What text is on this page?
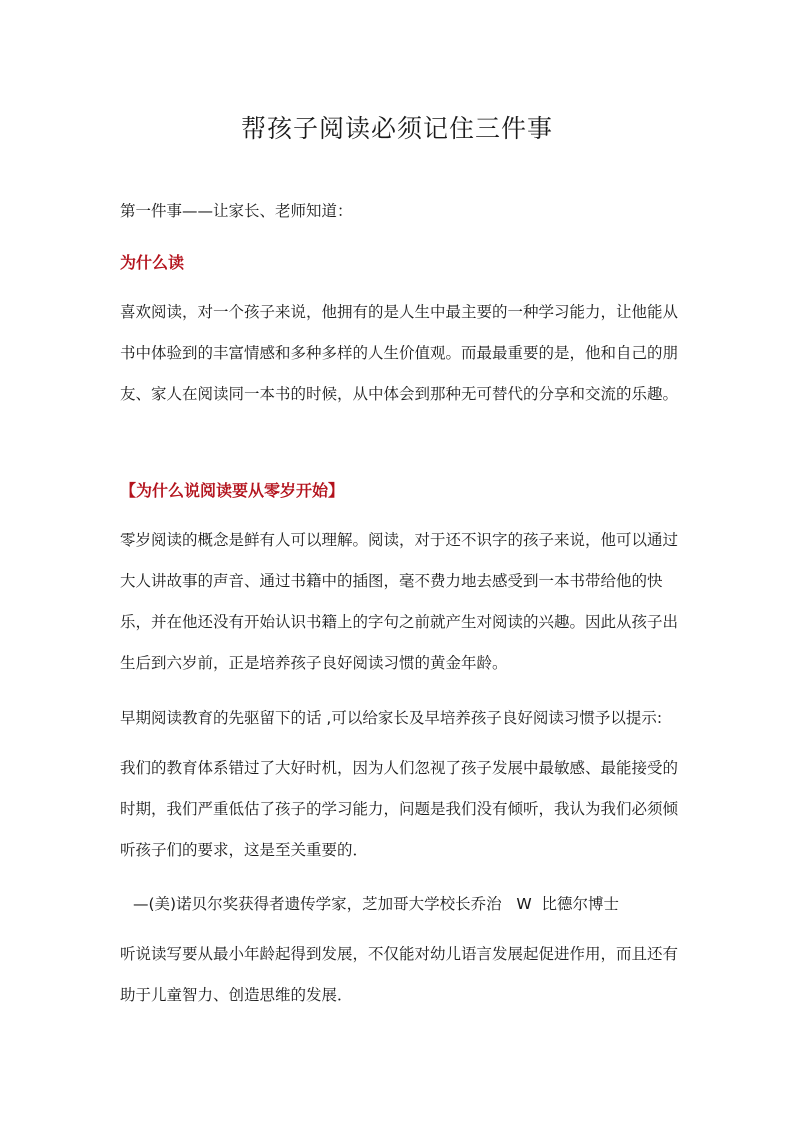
帮孩子阅读必须记住三件事
第一件事——让家长、老师知道：
为什么读
喜欢阅读，对一个孩子来说，他拥有的是人生中最主要的一种学习能力，让他能从书中体验到的丰富情感和多种多样的人生价值观。而最最重要的是，他和自己的朋友、家人在阅读同一本书的时候，从中体会到那种无可替代的分享和交流的乐趣。
【为什么说阅读要从零岁开始】
零岁阅读的概念是鲜有人可以理解。阅读，对于还不识字的孩子来说，他可以通过大人讲故事的声音、通过书籍中的插图，毫不费力地去感受到一本书带给他的快乐，并在他还没有开始认识书籍上的字句之前就产生对阅读的兴趣。因此从孩子出生后到六岁前，正是培养孩子良好阅读习惯的黄金年龄。
早期阅读教育的先驱留下的话 ,可以给家长及早培养孩子良好阅读习惯予以提示:
我们的教育体系错过了大好时机，因为人们忽视了孩子发展中最敏感、最能接受的时期，我们严重低估了孩子的学习能力，问题是我们没有倾听，我认为我们必须倾听孩子们的要求，这是至关重要的．
—(美)诺贝尔奖获得者遗传学家，芝加哥大学校长乔治   W  比德尔博士
听说读写要从最小年龄起得到发展，不仅能对幼儿语言发展起促进作用，而且还有助于儿童智力、创造思维的发展．
